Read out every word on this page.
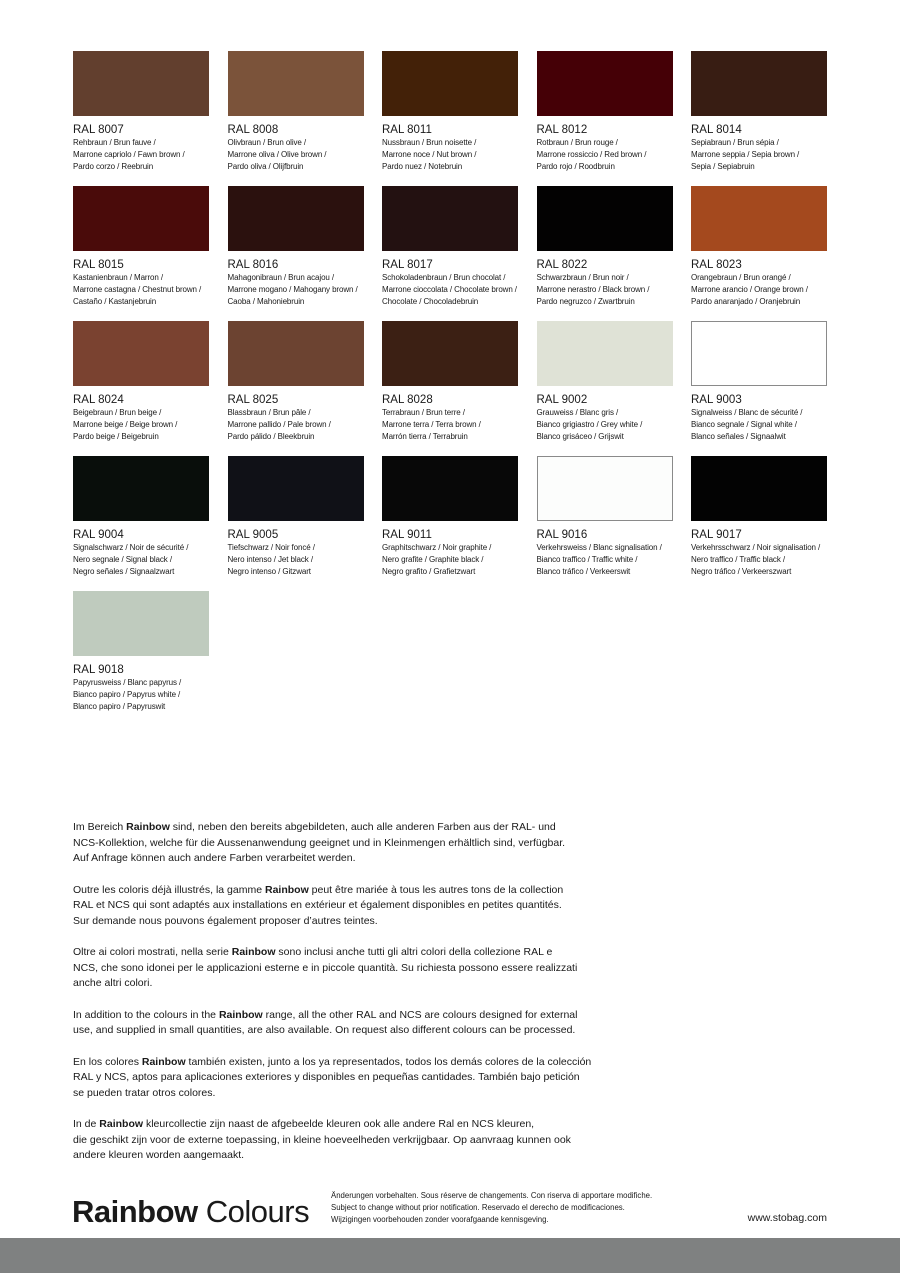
RAL 8007
Rehbraun / Brun fauve /
Marrone capriolo / Fawn brown /
Pardo corzo / Reebruin
RAL 8008
Olivbraun / Brun olive /
Marrone oliva / Olive brown /
Pardo oliva / Olijfbruin
RAL 8011
Nussbraun / Brun noisette /
Marrone noce / Nut brown /
Pardo nuez / Notebruin
RAL 8012
Rotbraun / Brun rouge /
Marrone rossiccio / Red brown /
Pardo rojo / Roodbruin
RAL 8014
Sepiabraun / Brun sépia /
Marrone seppia / Sepia brown /
Sepia / Sepiabruin
RAL 8015
Kastanienbraun / Marron /
Marrone castagna / Chestnut brown /
Castaño / Kastanjebruin
RAL 8016
Mahagonibraun / Brun acajou /
Marrone mogano / Mahogany brown /
Caoba / Mahoniebruin
RAL 8017
Schokoladenbraun / Brun chocolat /
Marrone cioccolata / Chocolate brown /
Chocolate / Chocoladebruin
RAL 8022
Schwarzbraun / Brun noir /
Marrone nerastro / Black brown /
Pardo negruzco / Zwartbruin
RAL 8023
Orangebraun / Brun orangé /
Marrone arancio / Orange brown /
Pardo anaranjado / Oranjebruin
RAL 8024
Beigebraun / Brun beige /
Marrone beige / Beige brown /
Pardo beige / Beigebruin
RAL 8025
Blassbraun / Brun pâle /
Marrone pallido / Pale brown /
Pardo pálido / Bleekbruin
RAL 8028
Terrabraun / Brun terre /
Marrone terra / Terra brown /
Marrón tierra / Terrabruin
RAL 9002
Grauweiss / Blanc gris /
Bianco grigiastro / Grey white /
Blanco grisáceo / Grijswit
RAL 9003
Signalweiss / Blanc de sécurité /
Bianco segnale / Signal white /
Blanco señales / Signaalwit
RAL 9004
Signalschwarz / Noir de sécurité /
Nero segnale / Signal black /
Negro señales / Signaalzwart
RAL 9005
Tiefschwarz / Noir foncé /
Nero intenso / Jet black /
Negro intenso / Gitzwart
RAL 9011
Graphitschwarz / Noir graphite /
Nero grafite / Graphite black /
Negro grafito / Grafietzwart
RAL 9016
Verkehrsweiss / Blanc signalisation /
Bianco traffico / Traffic white /
Blanco tráfico / Verkeerswit
RAL 9017
Verkehrsschwarz / Noir signalisation /
Nero traffico / Traffic black /
Negro tráfico / Verkeerszwart
RAL 9018
Papyrusweiss / Blanc papyrus /
Bianco papiro / Papyrus white /
Blanco papiro / Papyruswit

Im Bereich Rainbow sind, neben den bereits abgebildeten, auch alle anderen Farben aus der RAL- und
NCS-Kollektion, welche für die Aussenanwendung geeignet und in Kleinmengen erhältlich sind, verfügbar.
Auf Anfrage können auch andere Farben verarbeitet werden.

Outre les coloris déjà illustrés, la gamme Rainbow peut être mariée à tous les autres tons de la collection
RAL et NCS qui sont adaptés aux installations en extérieur et également disponibles en petites quantités.
Sur demande nous pouvons également proposer d’autres teintes.

Oltre ai colori mostrati, nella serie Rainbow sono inclusi anche tutti gli altri colori della collezione RAL e
NCS, che sono idonei per le applicazioni esterne e in piccole quantità. Su richiesta possono essere realizzati
anche altri colori.

In addition to the colours in the Rainbow range, all the other RAL and NCS are colours designed for external
use, and supplied in small quantities, are also available. On request also different colours can be processed.

En los colores Rainbow también existen, junto a los ya representados, todos los demás colores de la colección
RAL y NCS, aptos para aplicaciones exteriores y disponibles en pequeñas cantidades. También bajo petición
se pueden tratar otros colores.

In de Rainbow kleurcollectie zijn naast de afgebeelde kleuren ook alle andere Ral en NCS kleuren,
die geschikt zijn voor de externe toepassing, in kleine hoeveelheden verkrijgbaar. Op aanvraag kunnen ook
andere kleuren worden aangemaakt.

Rainbow Colours	Änderungen vorbehalten. Sous réserve de changements. Con riserva di apportare modifiche.
Subject to change without prior notification. Reservado el derecho de modificaciones.
Wijzigingen voorbehouden zonder voorafgaande kennisgeving.	www.stobag.com
